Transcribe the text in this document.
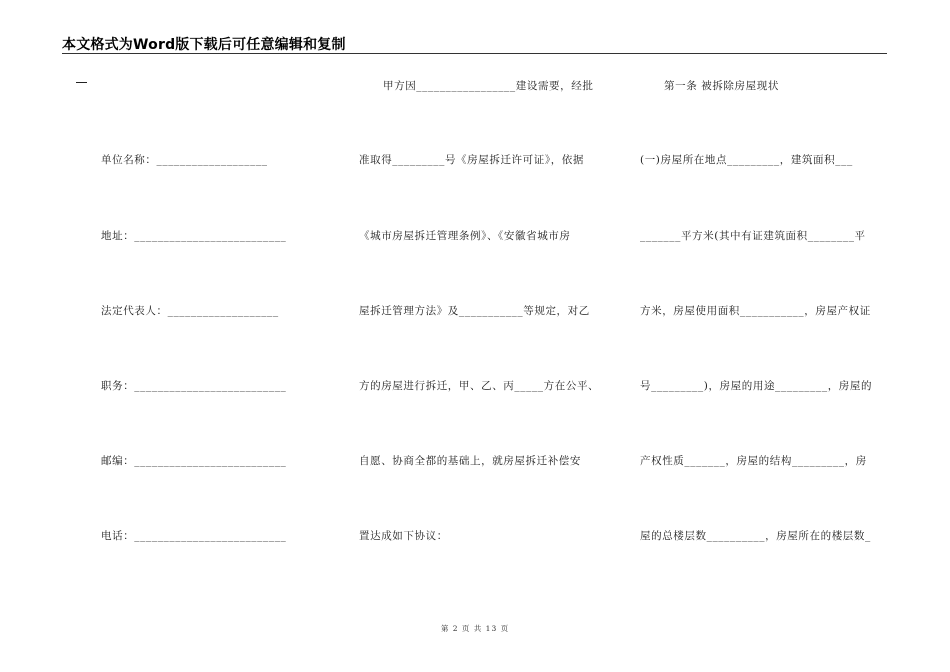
本文格式为Word版下载后可任意编辑和复制
单位名称：___________________
地址：__________________________
法定代表人：___________________
职务：__________________________
邮编：__________________________
电话：__________________________
甲方因_________________建设需要，经批
准取得_________号《房屋拆迁许可证》，依据
《城市房屋拆迁管理条例》、《安徽省城市房
屋拆迁管理方法》及___________等规定，对乙
方的房屋进行拆迁，甲、乙、丙_____方在公平、
自愿、协商全都的基础上，就房屋拆迁补偿安
置达成如下协议：
第一条 被拆除房屋现状
(一)房屋所在地点_________，建筑面积___
_______平方米(其中有证建筑面积________平
方米，房屋使用面积___________，房屋产权证
号_________)，房屋的用途_________，房屋的
产权性质_______，房屋的结构_________，房
屋的总楼层数__________，房屋所在的楼层数_
第 2 页 共 13 页
